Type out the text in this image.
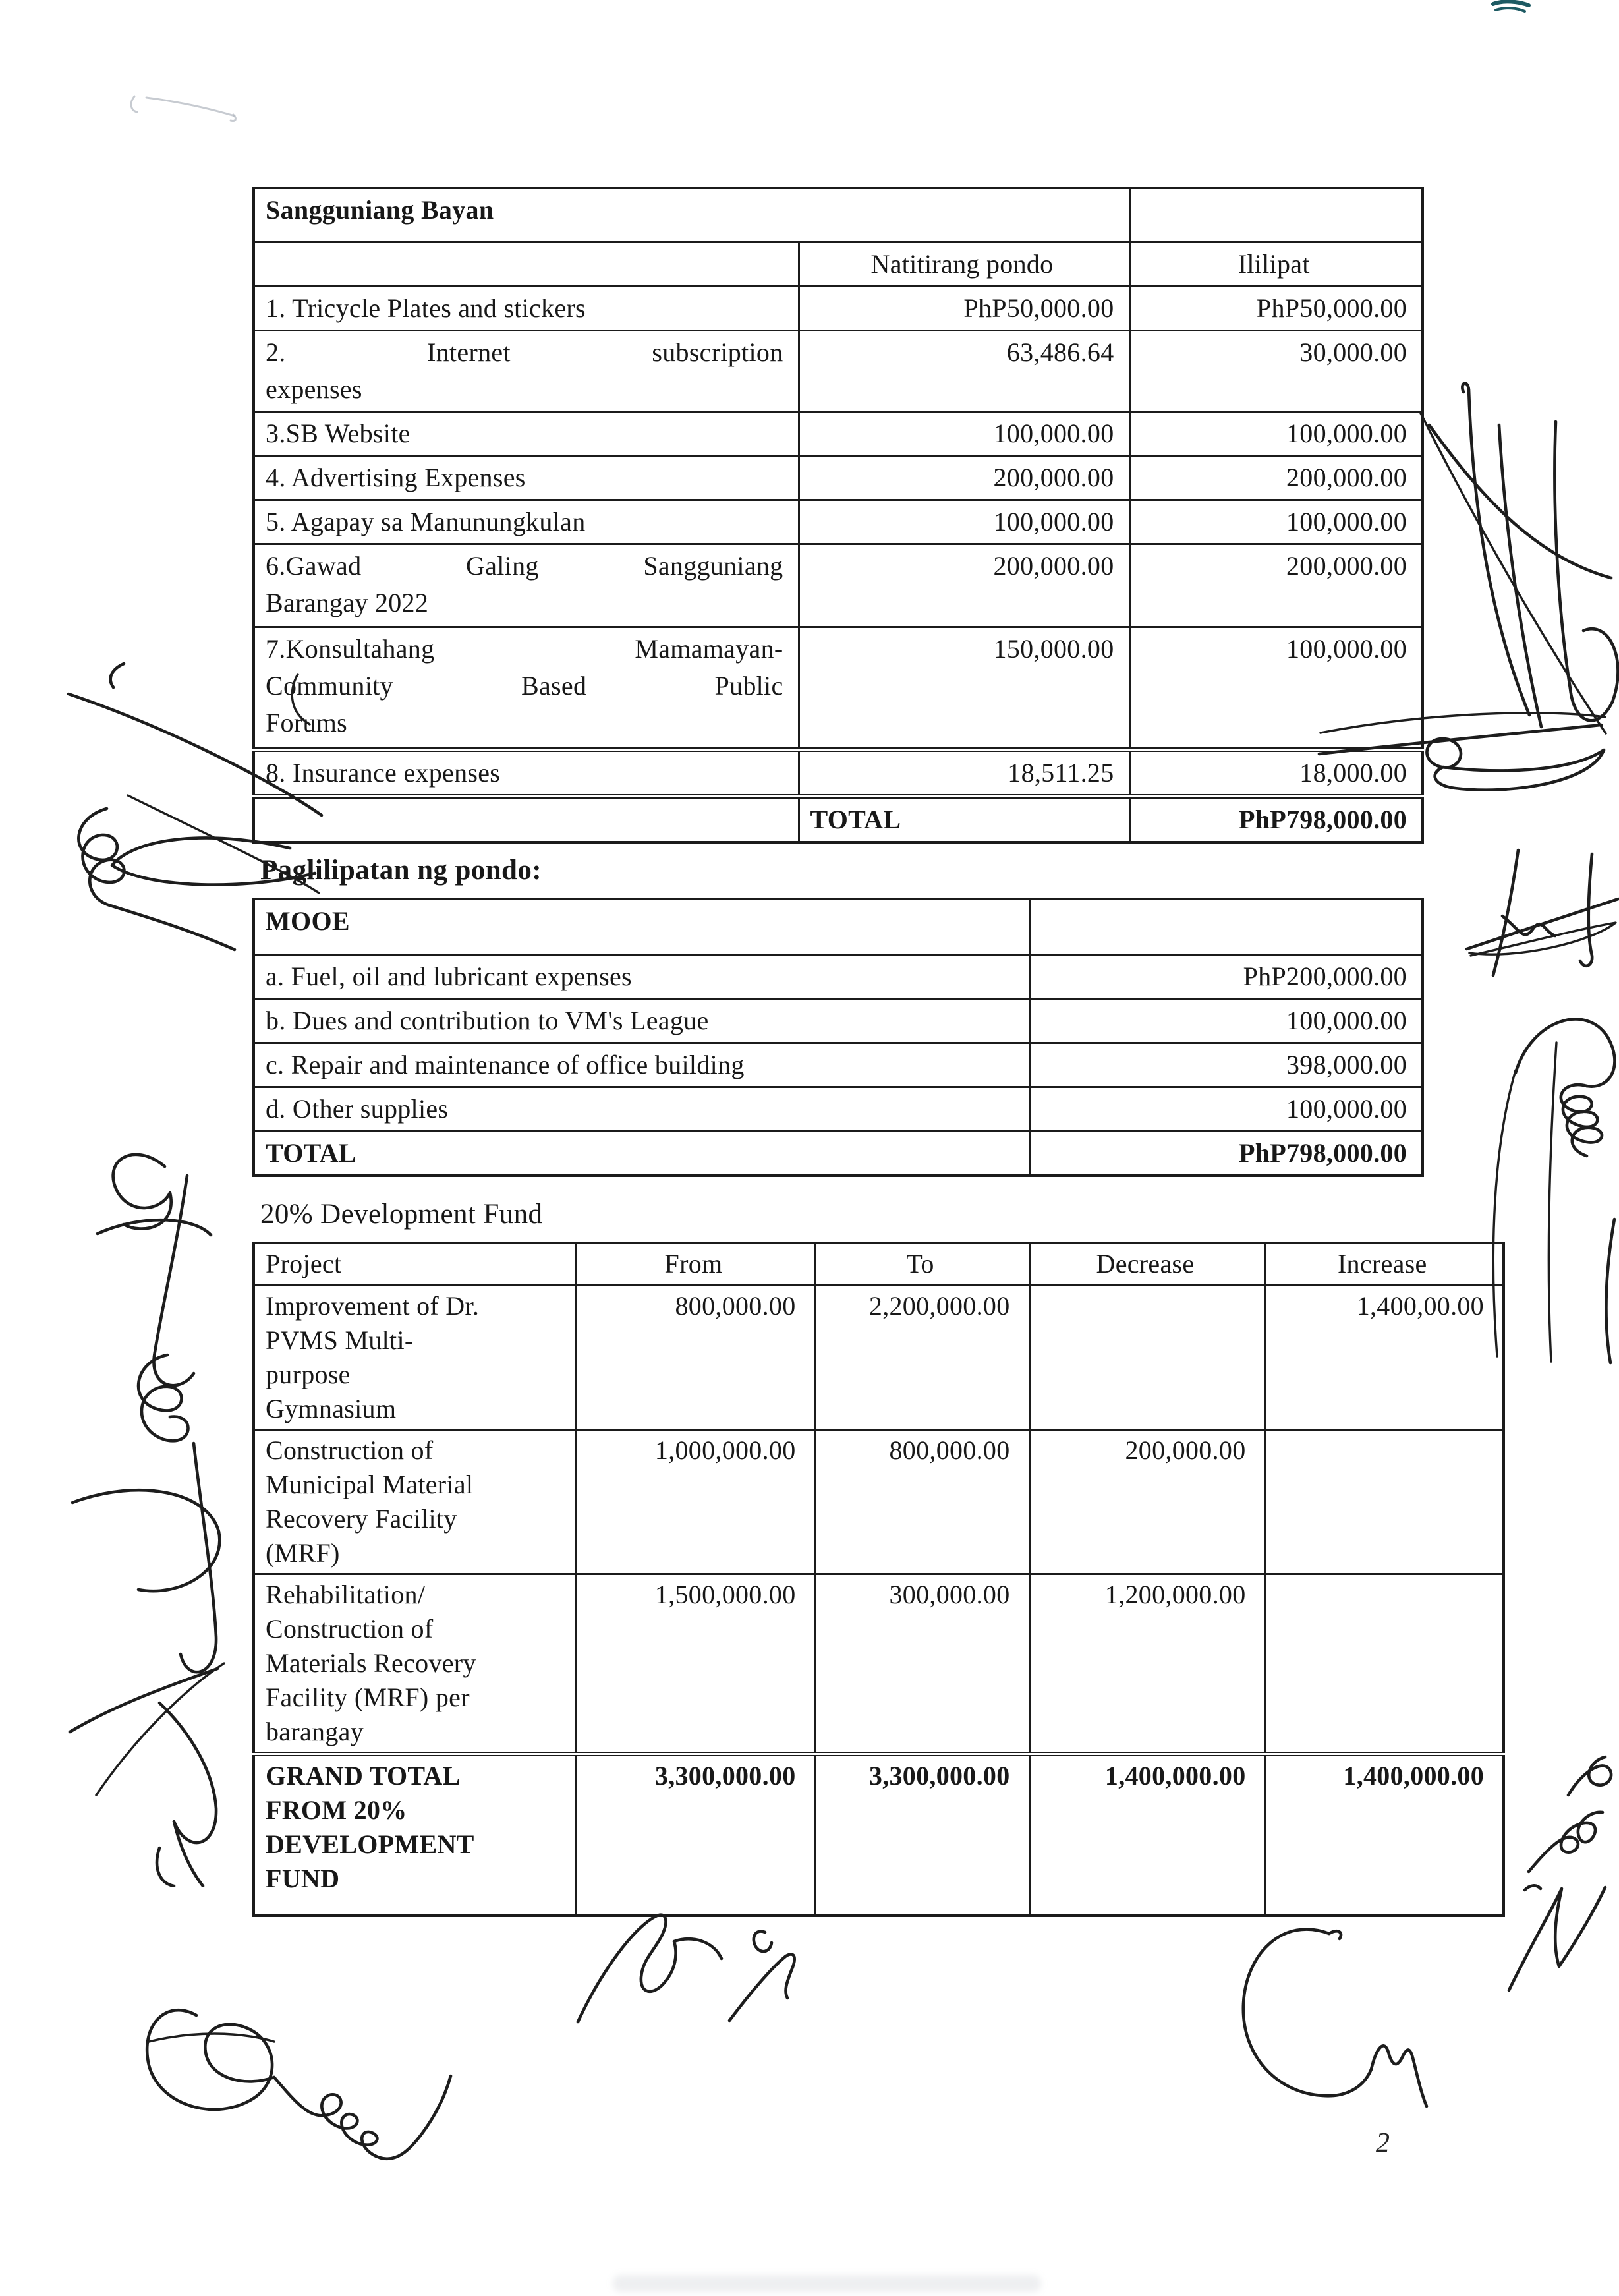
Sangguniang Bayan		
	Natitirang pondo	Ililipat

1. Tricycle Plates and stickers	PhP50,000.00	PhP50,000.00

2. Internet subscription
expenses	63,486.64	30,000.00

3.SB Website	100,000.00	100,000.00

4. Advertising Expenses	200,000.00	200,000.00

5. Agapay sa Manunungkulan	100,000.00	100,000.00

6.Gawad Galing Sangguniang
Barangay 2022	200,000.00	200,000.00

7.Konsultahang Mamamayan-
Community Based Public
Forums	150,000.00	100,000.00

8. Insurance expenses	18,511.25	18,000.00
	TOTAL	PhP798,000.00
Paglilipatan ng pondo:
MOOE	
a. Fuel, oil and lubricant expenses	PhP200,000.00
b. Dues and contribution to VM's League	100,000.00
c. Repair and maintenance of office building	398,000.00
d. Other supplies	100,000.00
TOTAL	PhP798,000.00
20% Development Fund
Project	From	To	Decrease	Increase

Improvement of Dr.
PVMS Multi-
purpose
Gymnasium	800,000.00	2,200,000.00		1,400,00.00

Construction of
Municipal Material
Recovery Facility
(MRF)	1,000,000.00	800,000.00	200,000.00	

Rehabilitation/
Construction of
Materials Recovery
Facility (MRF) per
barangay	1,500,000.00	300,000.00	1,200,000.00	

GRAND TOTAL
FROM 20%
DEVELOPMENT
FUND	3,300,000.00	3,300,000.00	1,400,000.00	1,400,000.00
2
